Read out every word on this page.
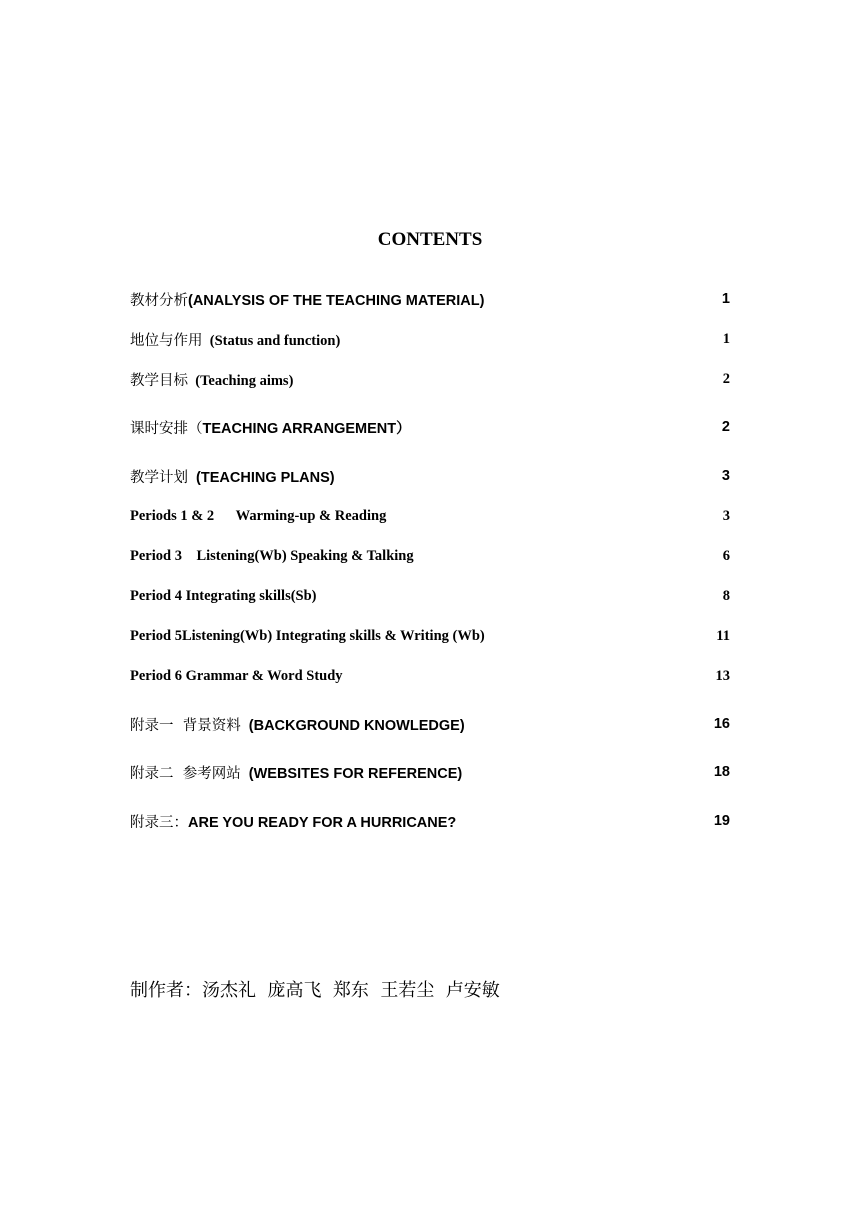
CONTENTS
教材分析(ANALYSIS OF THE TEACHING MATERIAL)	1
地位与作用  (Status and function)	1
教学目标  (Teaching aims)	2
课时安排（TEACHING ARRANGEMENT）	2
教学计划  (TEACHING PLANS)	3
Periods 1 & 2      Warming-up & Reading	3
Period 3    Listening(Wb) Speaking & Talking	6
Period 4 Integrating skills(Sb)	8
Period 5Listening(Wb) Integrating skills & Writing (Wb)	11
Period 6 Grammar & Word Study	13
附录一  背景资料  (BACKGROUND KNOWLEDGE)	16
附录二  参考网站  (WEBSITES FOR REFERENCE)	18
附录三：ARE YOU READY FOR A HURRICANE?	19
制作者：汤杰礼  庞高飞  郑东  王若尘  卢安敏
